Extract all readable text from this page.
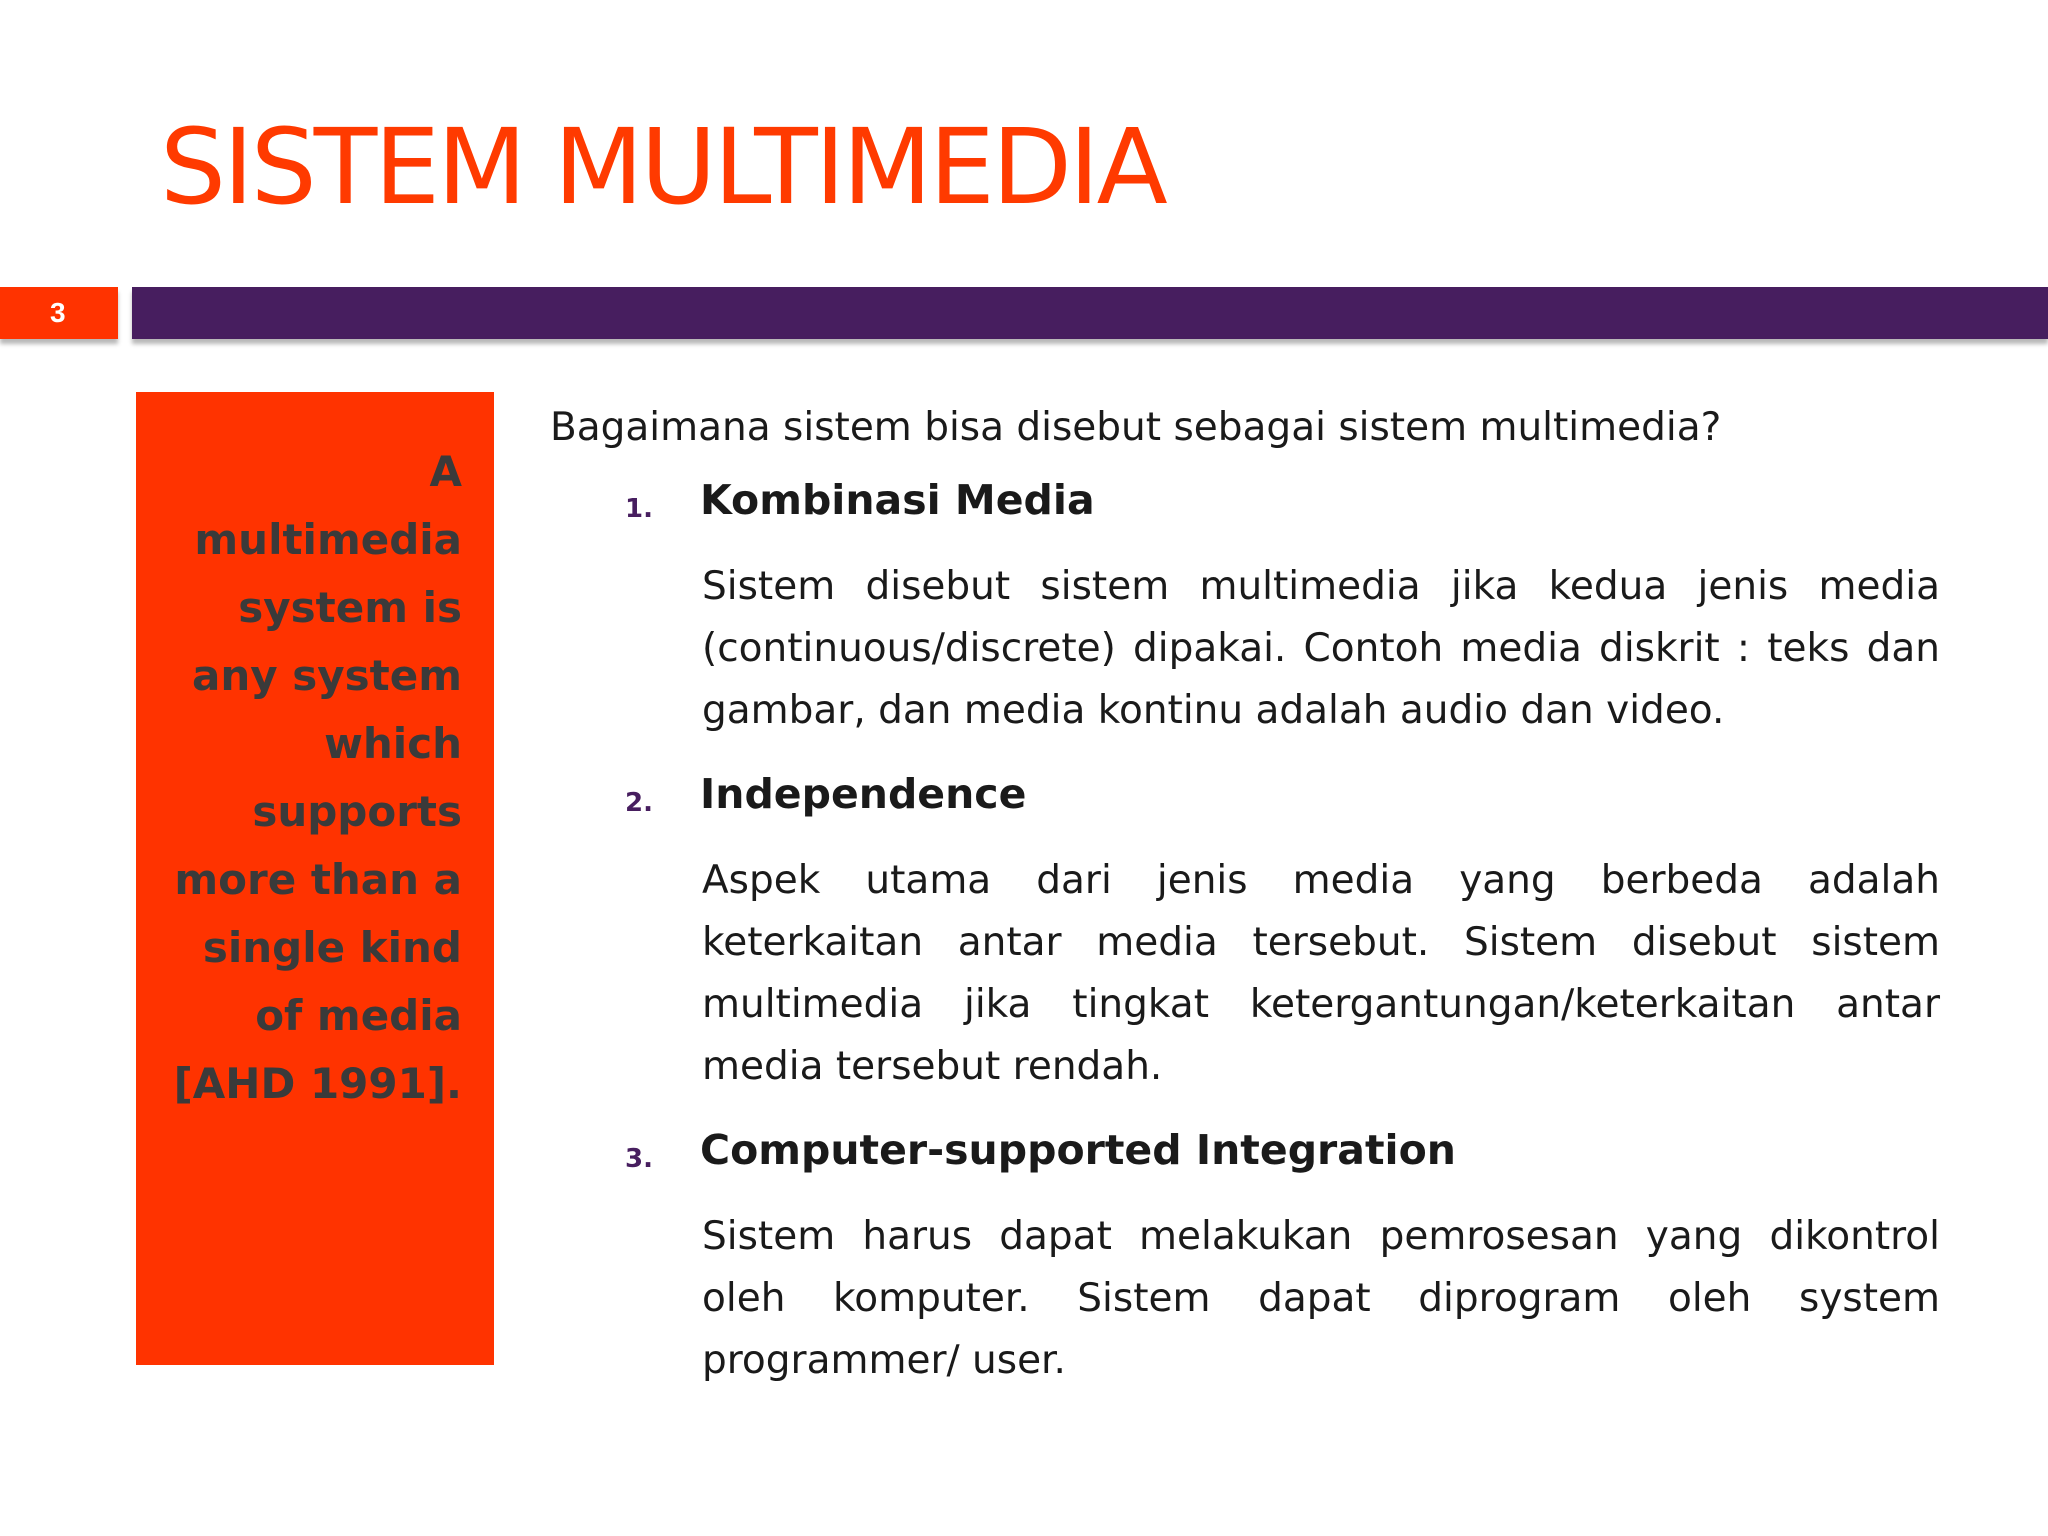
SISTEM MULTIMEDIA
3

A multimedia system is any system which supports more than a single kind of media [AHD 1991].

Bagaimana sistem bisa disebut sebagai sistem multimedia?

1. Kombinasi Media

Sistem disebut sistem multimedia jika kedua jenis media (continuous/discrete) dipakai. Contoh media diskrit : teks dan gambar, dan media kontinu adalah audio dan video.

2. Independence

Aspek utama dari jenis media yang berbeda adalah keterkaitan antar media tersebut. Sistem disebut sistem multimedia jika tingkat ketergantungan/keterkaitan antar media tersebut rendah.

3. Computer-supported Integration

Sistem harus dapat melakukan pemrosesan yang dikontrol oleh komputer. Sistem dapat diprogram oleh system programmer/ user.
